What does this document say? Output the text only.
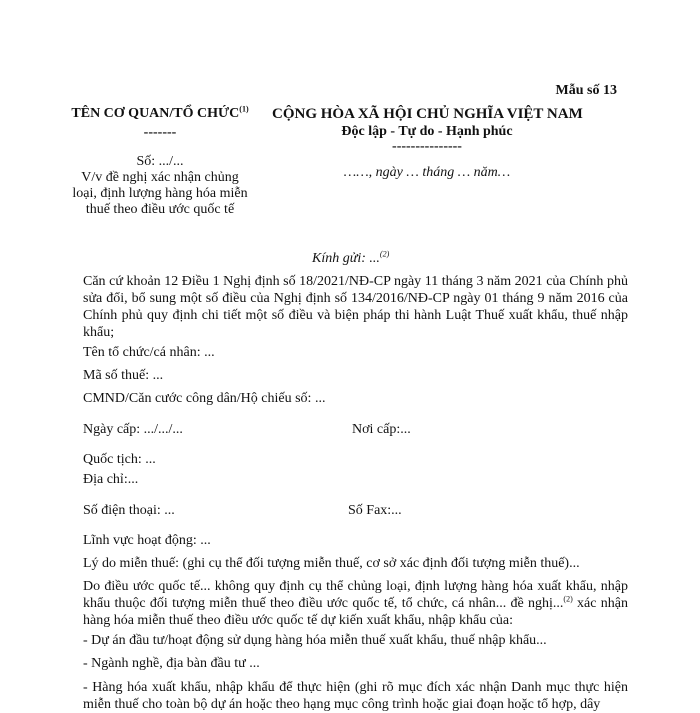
Mẫu số 13
TÊN CƠ QUAN/TỔ CHỨC$^{(1)}$
-------
Số: .../...
V/v đề nghị xác nhận chủng
loại, định lượng hàng hóa miễn
thuế theo điều ước quốc tế
CỘNG HÒA XÃ HỘI CHỦ NGHĨA VIỆT NAM
Độc lập - Tự do - Hạnh phúc
---------------
……, ngày … tháng … năm…
Kính gửi: ...$^{(2)}$
Căn cứ khoản 12 Điều 1 Nghị định số 18/2021/NĐ-CP ngày 11 tháng 3 năm 2021 của Chính phủ sửa đổi, bổ sung một số điều của Nghị định số 134/2016/NĐ-CP ngày 01 tháng 9 năm 2016 của Chính phủ quy định chi tiết một số điều và biện pháp thi hành Luật Thuế xuất khẩu, thuế nhập khẩu;
Tên tổ chức/cá nhân: ...
Mã số thuế: ...
CMND/Căn cước công dân/Hộ chiếu số: ...
Ngày cấp: .../.../...	Nơi cấp:...
Quốc tịch: ...
Địa chỉ:...
Số điện thoại: ...	Số Fax:...
Lĩnh vực hoạt động: ...
Lý do miễn thuế: (ghi cụ thể đối tượng miễn thuế, cơ sở xác định đối tượng miễn thuế)...
Do điều ước quốc tế... không quy định cụ thể chủng loại, định lượng hàng hóa xuất khẩu, nhập khẩu thuộc đối tượng miễn thuế theo điều ước quốc tế, tổ chức, cá nhân... đề nghị...$^{(2)}$ xác nhận hàng hóa miễn thuế theo điều ước quốc tế dự kiến xuất khẩu, nhập khẩu của:
- Dự án đầu tư/hoạt động sử dụng hàng hóa miễn thuế xuất khẩu, thuế nhập khẩu...
- Ngành nghề, địa bàn đầu tư ...
- Hàng hóa xuất khẩu, nhập khẩu để thực hiện (ghi rõ mục đích xác nhận Danh mục thực hiện miễn thuế cho toàn bộ dự án hoặc theo hạng mục công trình hoặc giai đoạn hoặc tổ hợp, dây
